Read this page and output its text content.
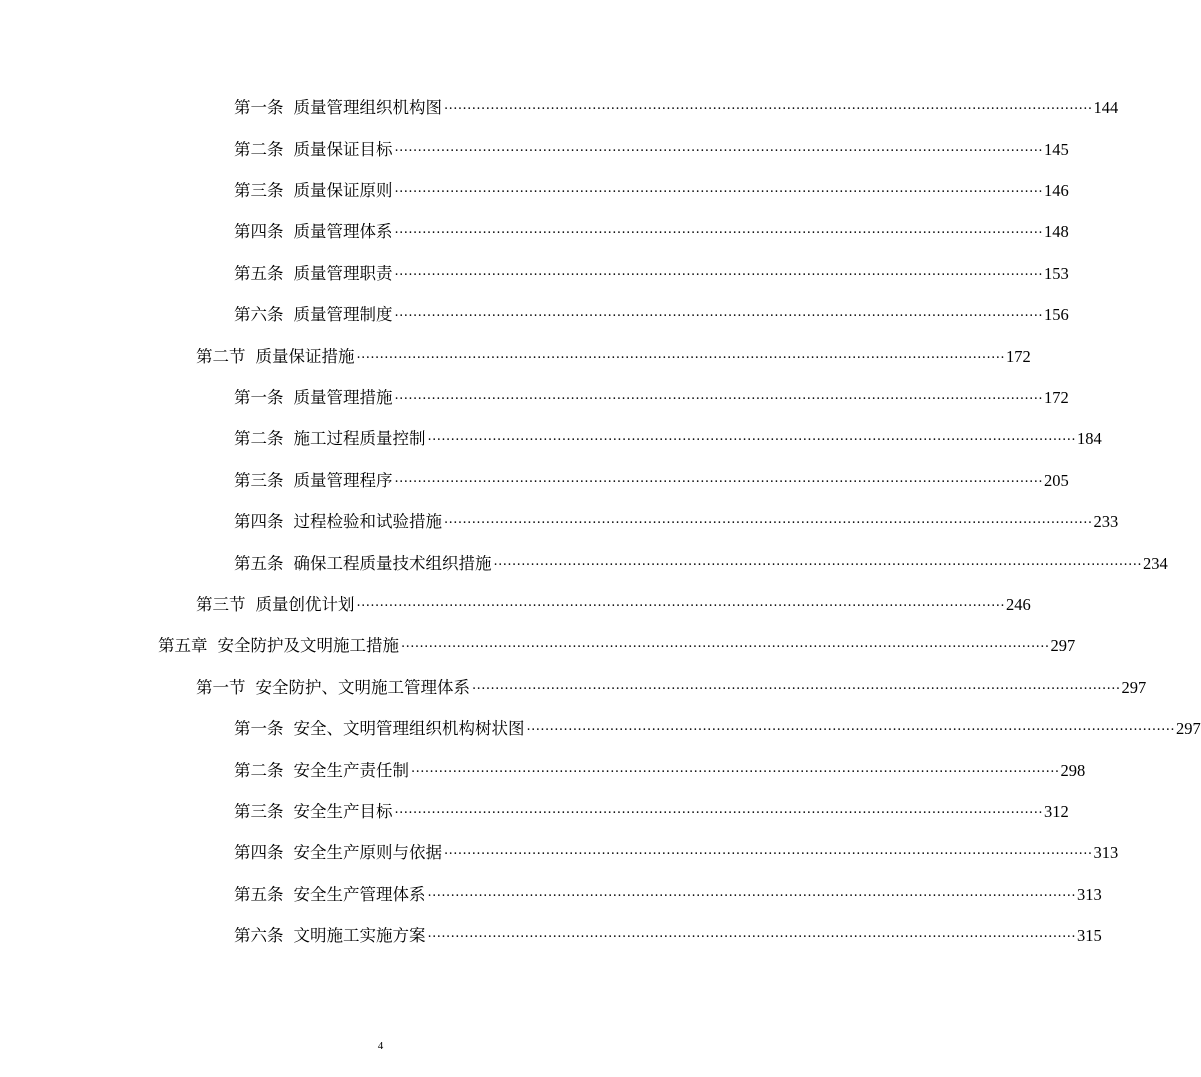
第一条 质量管理组织机构图 ............................................................................................................................................ 144
第二条 质量保证目标 ............................................................................................................................................ 145
第三条 质量保证原则 ............................................................................................................................................ 146
第四条 质量管理体系 ............................................................................................................................................ 148
第五条 质量管理职责 ............................................................................................................................................ 153
第六条 质量管理制度 ............................................................................................................................................ 156
第二节 质量保证措施 ............................................................................................................................................ 172
第一条 质量管理措施 ............................................................................................................................................ 172
第二条 施工过程质量控制 ............................................................................................................................................ 184
第三条 质量管理程序 ............................................................................................................................................ 205
第四条 过程检验和试验措施 ............................................................................................................................................ 233
第五条 确保工程质量技术组织措施 ............................................................................................................................................ 234
第三节 质量创优计划 ............................................................................................................................................ 246
第五章 安全防护及文明施工措施 ............................................................................................................................................ 297
第一节 安全防护、文明施工管理体系 ............................................................................................................................................ 297
第一条 安全、文明管理组织机构树状图 ............................................................................................................................................ 297
第二条 安全生产责任制 ............................................................................................................................................ 298
第三条 安全生产目标 ............................................................................................................................................ 312
第四条 安全生产原则与依据 ............................................................................................................................................ 313
第五条 安全生产管理体系 ............................................................................................................................................ 313
第六条 文明施工实施方案 ............................................................................................................................................ 315
4
